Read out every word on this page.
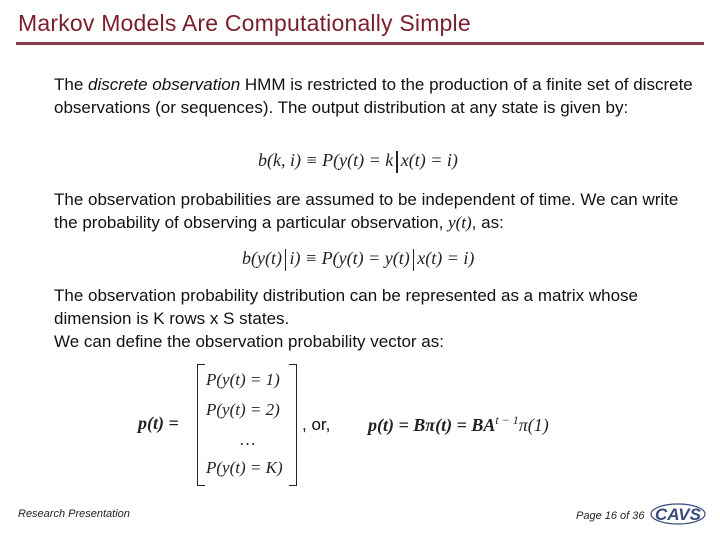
Markov Models Are Computationally Simple
The discrete observation HMM is restricted to the production of a finite set of discrete observations (or sequences). The output distribution at any state is given by:
b(k, i) ≡ P(y(t) = k x(t) = i)
The observation probabilities are assumed to be independent of time. We can write the probability of observing a particular observation, y(t), as:
b(y(t) i) ≡ P(y(t) = y(t) x(t) = i)
The observation probability distribution can be represented as a matrix whose dimension is K rows x S states.
We can define the observation probability vector as:
p(t) =
P(y(t) = 1)
P(y(t) = 2)
…
P(y(t) = K)
, or,	$p(t) = B\pi(t) = BA^{t - 1}\pi(1)$
Research Presentation	Page 16 of 36 CAVS
